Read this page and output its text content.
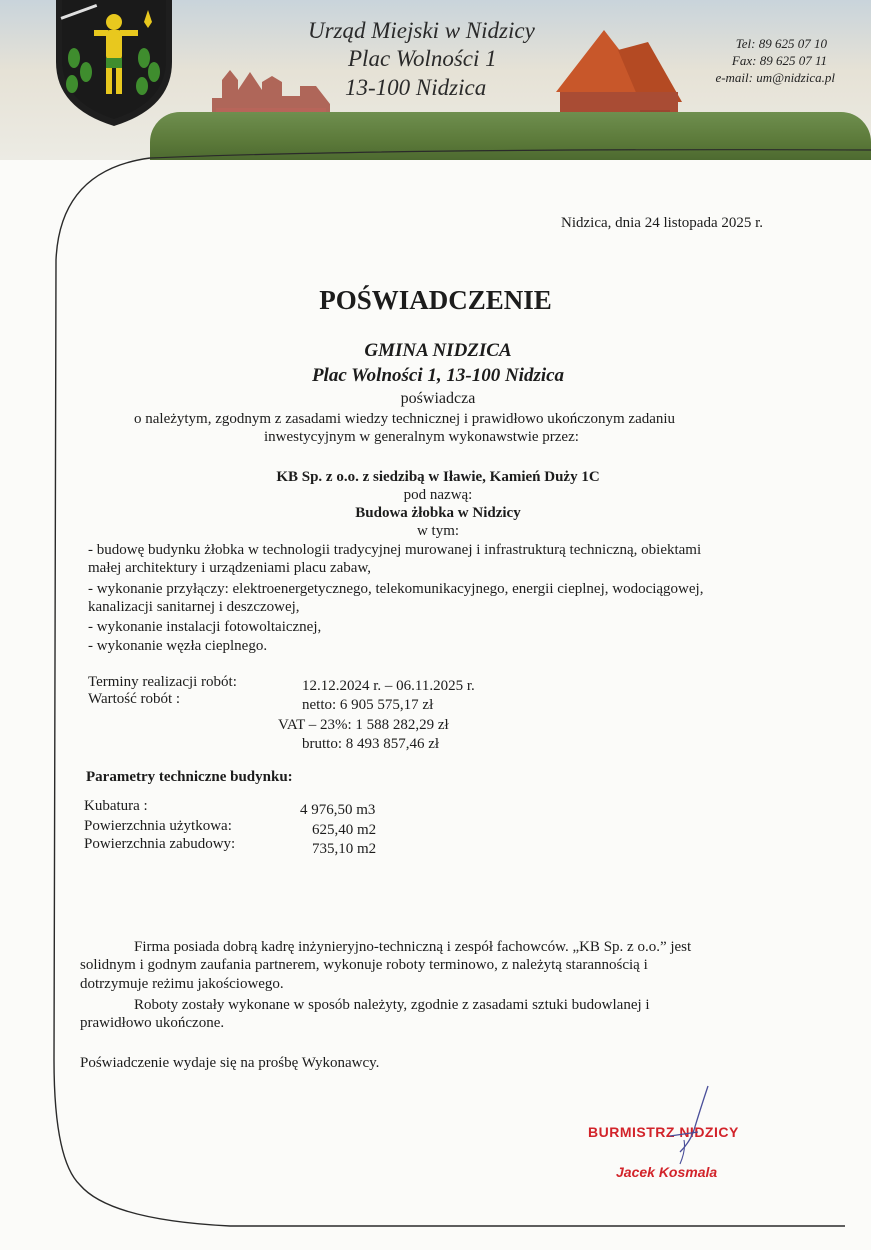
Urząd Miejski w Nidzicy
Plac Wolności 1
13-100 Nidzica
Tel: 89 625 07 10
Fax: 89 625 07 11
e-mail: um@nidzica.pl
Nidzica, dnia 24 listopada 2025 r.
POŚWIADCZENIE
GMINA NIDZICA
Plac Wolności 1, 13-100 Nidzica
poświadcza
o należytym, zgodnym z zasadami wiedzy technicznej i prawidłowo ukończonym zadaniu
inwestycyjnym w generalnym wykonawstwie przez:
KB Sp. z o.o. z siedzibą w Iławie, Kamień Duży 1C
pod nazwą:
Budowa żłobka w Nidzicy
w tym:
- budowę budynku żłobka w technologii tradycyjnej murowanej i infrastrukturą techniczną, obiektami
małej architektury i urządzeniami placu zabaw,
- wykonanie przyłączy: elektroenergetycznego, telekomunikacyjnego, energii cieplnej, wodociągowej,
kanalizacji sanitarnej i deszczowej,
- wykonanie instalacji fotowoltaicznej,
- wykonanie węzła cieplnego.
Terminy realizacji robót:	12.12.2024 r. – 06.11.2025 r.
Wartość robót :	netto: 6 905 575,17 zł
VAT – 23%: 1 588 282,29 zł
brutto: 8 493 857,46 zł
Parametry techniczne budynku:
Kubatura :	4 976,50 m3
Powierzchnia użytkowa:	625,40 m2
Powierzchnia zabudowy:	735,10 m2
Firma posiada dobrą kadrę inżynieryjno-techniczną i zespół fachowców. „KB Sp. z o.o.” jest
solidnym i godnym zaufania partnerem, wykonuje roboty terminowo, z należytą starannością i
dotrzymuje reżimu jakościowego.
Roboty zostały wykonane w sposób należyty, zgodnie z zasadami sztuki budowlanej i
prawidłowo ukończone.
Poświadczenie wydaje się na prośbę Wykonawcy.
BURMISTRZ NIDZICY
Jacek Kosmala
